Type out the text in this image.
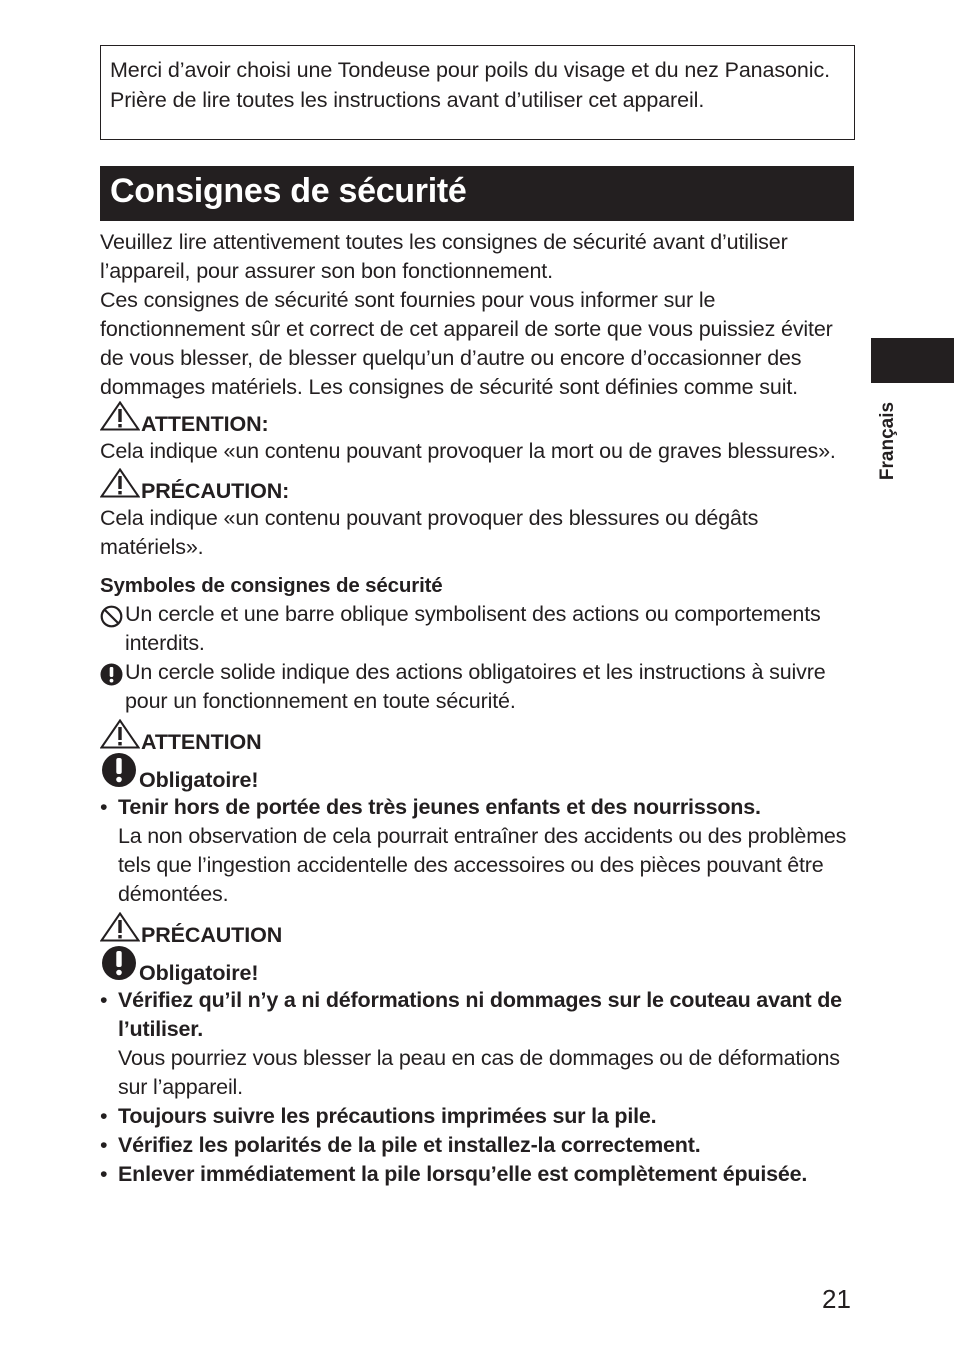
Merci d’avoir choisi une Tondeuse pour poils du visage et du nez Panasonic. Prière de lire toutes les instructions avant d’utiliser cet appareil.
Consignes de sécurité
Français

Veuillez lire attentivement toutes les consignes de sécurité avant d’utiliser l’appareil, pour assurer son bon fonctionnement.

Ces consignes de sécurité sont fournies pour vous informer sur le fonctionnement sûr et correct de cet appareil de sorte que vous puissiez éviter de vous blesser, de blesser quelqu’un d’autre ou encore d’occasionner des dommages matériels. Les consignes de sécurité sont définies comme suit.

ATTENTION:

Cela indique «un contenu pouvant provoquer la mort ou de graves blessures».

PRÉCAUTION:

Cela indique «un contenu pouvant provoquer des blessures ou dégâts matériels».

Symboles de consignes de sécurité

Un cercle et une barre oblique symbolisent des actions ou comportements interdits.
Un cercle solide indique des actions obligatoires et les instructions à suivre pour un fonctionnement en toute sécurité.
ATTENTION
Obligatoire!
• Tenir hors de portée des très jeunes enfants et des nourrissons.
La non observation de cela pourrait entraîner des accidents ou des problèmes tels que l’ingestion accidentelle des accessoires ou des pièces pouvant être démontées.
PRÉCAUTION
Obligatoire!
• Vérifiez qu’il n’y a ni déformations ni dommages sur le couteau avant de l’utiliser.
Vous pourriez vous blesser la peau en cas de dommages ou de déformations sur l’appareil.
• Toujours suivre les précautions imprimées sur la pile.
• Vérifiez les polarités de la pile et installez-la correctement.
• Enlever immédiatement la pile lorsqu’elle est complètement épuisée.
21
